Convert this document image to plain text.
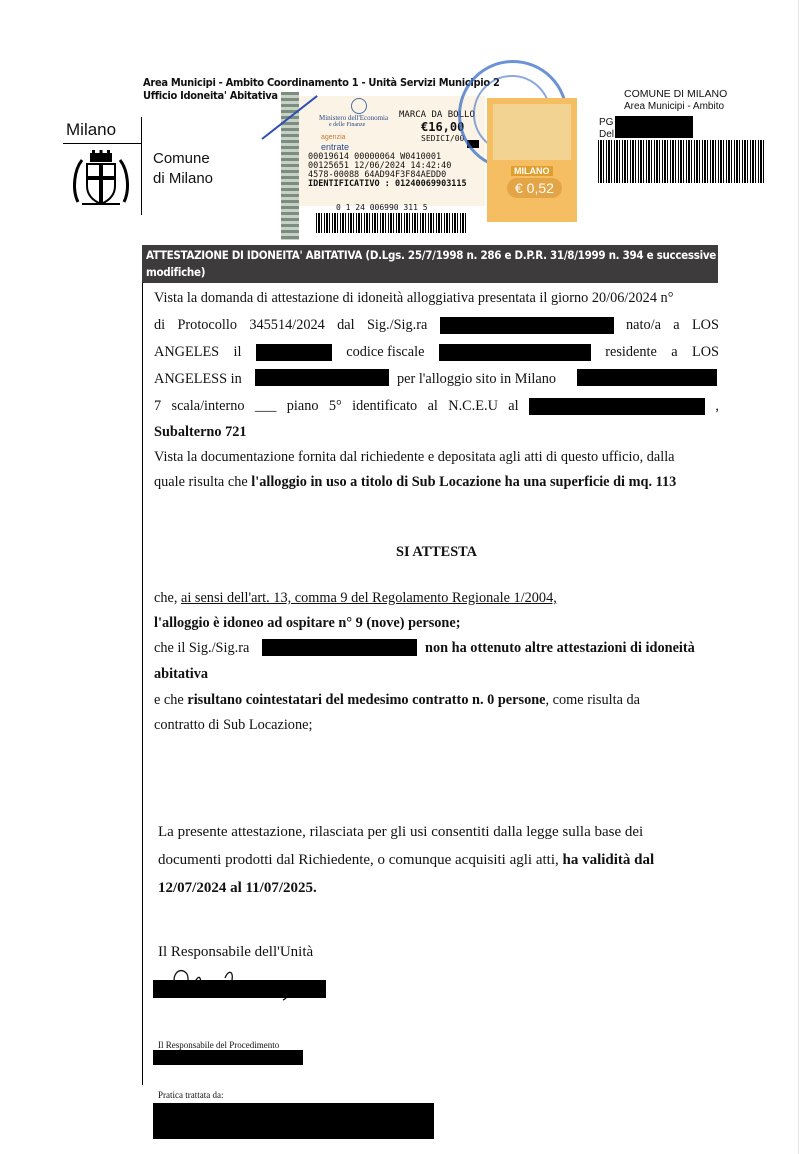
Area Municipi - Ambito Coordinamento 1 - Unità Servizi Municipio 2
Ufficio Idoneita' Abitativa
Milano
Comune
di Milano
Ministero dell'Economia
e delle Finanze
agenzia
entrate
MARCA DA BOLLO
€16,00
SEDICI/00
00019614 00000064 W0410001
00125651 12/06/2024 14:42:40
4578-00088 64AD94F3F84AEDD0
IDENTIFICATIVO : 01240069903115
0 1 24 006990 311 5
MILANO
€ 0,52
COMUNE DI MILANO
Area Municipi - Ambito
PG
Del
ATTESTAZIONE DI IDONEITA' ABITATIVA (D.Lgs. 25/7/1998 n. 286 e D.P.R. 31/8/1999 n. 394 e successive
modifiche)
Vista la domanda di attestazione di idoneità alloggiativa presentata il giorno 20/06/2024 n°
di Protocollo 345514/2024 dal Sig./Sig.ra	nato/a a LOS
ANGELES il	codice fiscale	residente a LOS
ANGELESS in	per l'alloggio sito in Milano
7 scala/interno ___ piano 5° identificato al N.C.E.U al	,
Subalterno 721
Vista la documentazione fornita dal richiedente e depositata agli atti di questo ufficio, dalla
quale risulta che l'alloggio in uso a titolo di Sub Locazione ha una superficie di mq. 113
SI ATTESTA
che, ai sensi dell'art. 13, comma 9 del Regolamento Regionale 1/2004,
l'alloggio è idoneo ad ospitare n° 9 (nove) persone;
che il Sig./Sig.ra	non ha ottenuto altre attestazioni di idoneità
abitativa
e che risultano cointestatari del medesimo contratto n. 0 persone, come risulta da
contratto di Sub Locazione;
La presente attestazione, rilasciata per gli usi consentiti dalla legge sulla base dei
documenti prodotti dal Richiedente, o comunque acquisiti agli atti, ha validità dal
12/07/2024 al 11/07/2025.
Il Responsabile dell'Unità
Il Responsabile del Procedimento
Pratica trattata da:
